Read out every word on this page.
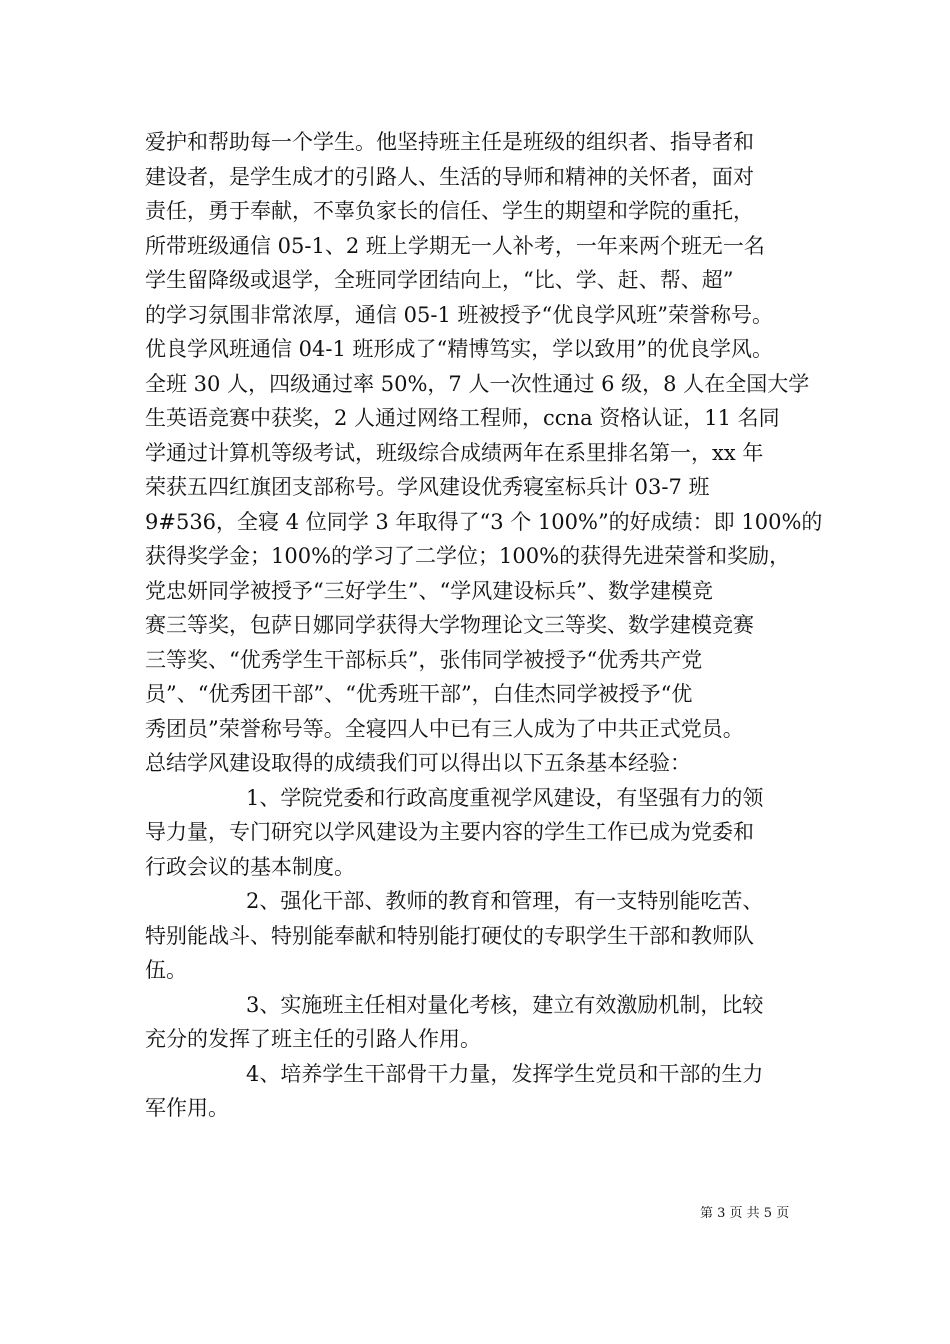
爱护和帮助每一个学生。他坚持班主任是班级的组织者、指导者和
建设者，是学生成才的引路人、生活的导师和精神的关怀者，面对
责任，勇于奉献，不辜负家长的信任、学生的期望和学院的重托，
所带班级通信 05-1、2 班上学期无一人补考，一年来两个班无一名
学生留降级或退学，全班同学团结向上，“比、学、赶、帮、超”
的学习氛围非常浓厚，通信 05-1 班被授予“优良学风班”荣誉称号。
优良学风班通信 04-1 班形成了“精博笃实，学以致用”的优良学风。
全班 30 人，四级通过率 50%，7 人一次性通过 6 级，8 人在全国大学
生英语竞赛中获奖，2 人通过网络工程师，ccna 资格认证，11 名同
学通过计算机等级考试，班级综合成绩两年在系里排名第一，xx 年
荣获五四红旗团支部称号。学风建设优秀寝室标兵计 03-7 班
9#536，全寝 4 位同学 3 年取得了“3 个 100%”的好成绩：即 100%的
获得奖学金；100%的学习了二学位；100%的获得先进荣誉和奖励，
党忠妍同学被授予“三好学生”、“学风建设标兵”、数学建模竞
赛三等奖，包萨日娜同学获得大学物理论文三等奖、数学建模竞赛
三等奖、“优秀学生干部标兵”，张伟同学被授予“优秀共产党
员”、“优秀团干部”、“优秀班干部”，白佳杰同学被授予“优
秀团员”荣誉称号等。全寝四人中已有三人成为了中共正式党员。
总结学风建设取得的成绩我们可以得出以下五条基本经验：
1、学院党委和行政高度重视学风建设，有坚强有力的领
导力量，专门研究以学风建设为主要内容的学生工作已成为党委和
行政会议的基本制度。
2、强化干部、教师的教育和管理，有一支特别能吃苦、
特别能战斗、特别能奉献和特别能打硬仗的专职学生干部和教师队
伍。
3、实施班主任相对量化考核，建立有效激励机制，比较
充分的发挥了班主任的引路人作用。
4、培养学生干部骨干力量，发挥学生党员和干部的生力
军作用。
第 3 页 共 5 页
